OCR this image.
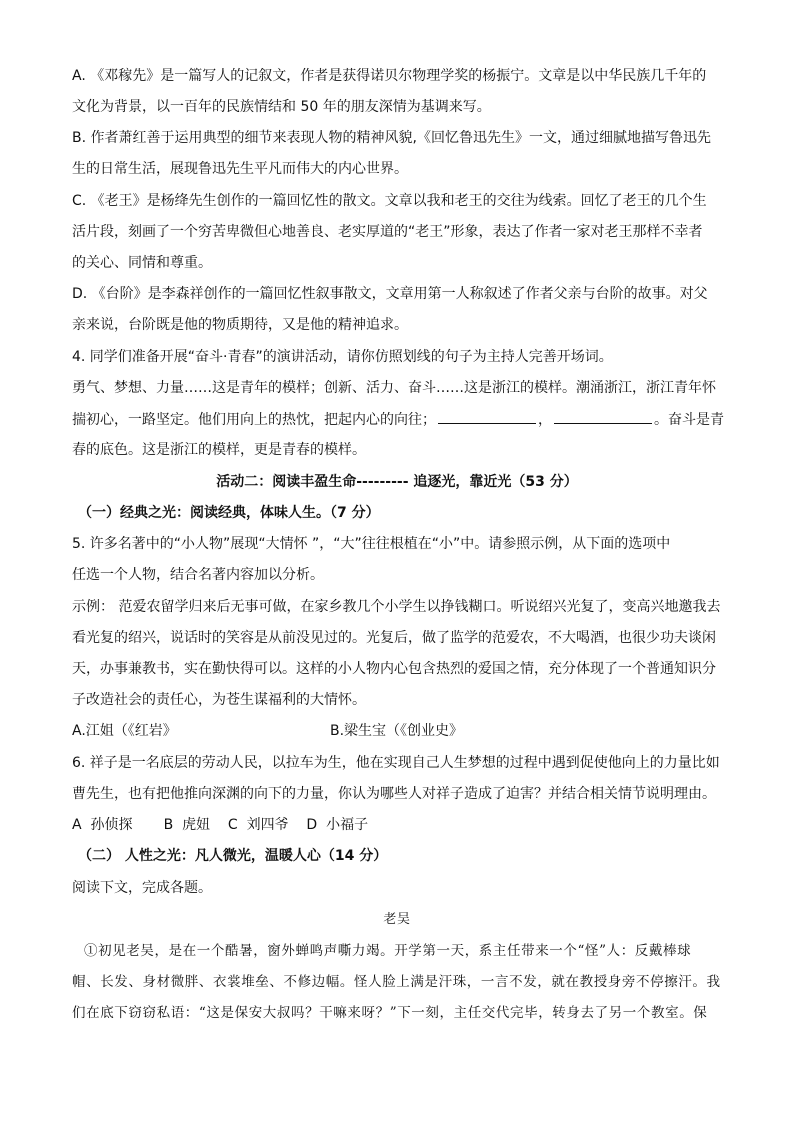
A. 《邓稼先》是一篇写人的记叙文，作者是获得诺贝尔物理学奖的杨振宁。文章是以中华民族几千年的
文化为背景，以一百年的民族情结和 50 年的朋友深情为基调来写。
B. 作者萧红善于运用典型的细节来表现人物的精神风貌,《回忆鲁迅先生》一文，通过细腻地描写鲁迅先
生的日常生活，展现鲁迅先生平凡而伟大的内心世界。
C. 《老王》是杨绛先生创作的一篇回忆性的散文。文章以我和老王的交往为线索。回忆了老王的几个生
活片段，刻画了一个穷苦卑微但心地善良、老实厚道的“老王”形象，表达了作者一家对老王那样不幸者
的关心、同情和尊重。
D. 《台阶》是李森祥创作的一篇回忆性叙事散文，文章用第一人称叙述了作者父亲与台阶的故事。对父
亲来说，台阶既是他的物质期待，又是他的精神追求。
4. 同学们准备开展“奋斗·青春”的演讲活动，请你仿照划线的句子为主持人完善开场词。
勇气、梦想、力量……这是青年的模样；创新、活力、奋斗……这是浙江的模样。潮涌浙江，浙江青年怀
揣初心，一路坚定。他们用向上的热忱，把起内心的向往；	，	。奋斗是青
春的底色。这是浙江的模样，更是青春的模样。
活动二：阅读丰盈生命--------- 追逐光，靠近光（53 分）
（一）经典之光：阅读经典，体味人生。（7 分）
5. 许多名著中的“小人物”展现“大情怀 ”，“大”往往根植在“小”中。请参照示例，从下面的选项中
任选一个人物，结合名著内容加以分析。
示例： 范爱农留学归来后无事可做，在家乡教几个小学生以挣钱糊口。听说绍兴光复了，变高兴地邀我去
看光复的绍兴，说话时的笑容是从前没见过的。光复后，做了监学的范爱农，不大喝酒，也很少功夫谈闲
天，办事兼教书，实在勤快得可以。这样的小人物内心包含热烈的爱国之情，充分体现了一个普通知识分
子改造社会的责任心，为苍生谋福利的大情怀。
A.江姐（《红岩》	B.梁生宝（《创业史》
6. 祥子是一名底层的劳动人民，以拉车为生，他在实现自己人生梦想的过程中遇到促使他向上的力量比如
曹先生，也有把他推向深渊的向下的力量，你认为哪些人对祥子造成了迫害？并结合相关情节说明理由。
A  孙侦探       B  虎妞    C  刘四爷    D  小福子
（二） 人性之光：凡人微光，温暖人心（14 分）
阅读下文，完成各题。
老吴
①初见老吴，是在一个酷暑，窗外蝉鸣声嘶力竭。开学第一天，系主任带来一个“怪”人：反戴棒球
帽、长发、身材微胖、衣裳堆垒、不修边幅。怪人脸上满是汗珠，一言不发，就在教授身旁不停擦汗。我
们在底下窃窃私语：“这是保安大叔吗？干嘛来呀？”下一刻，主任交代完毕，转身去了另一个教室。保
